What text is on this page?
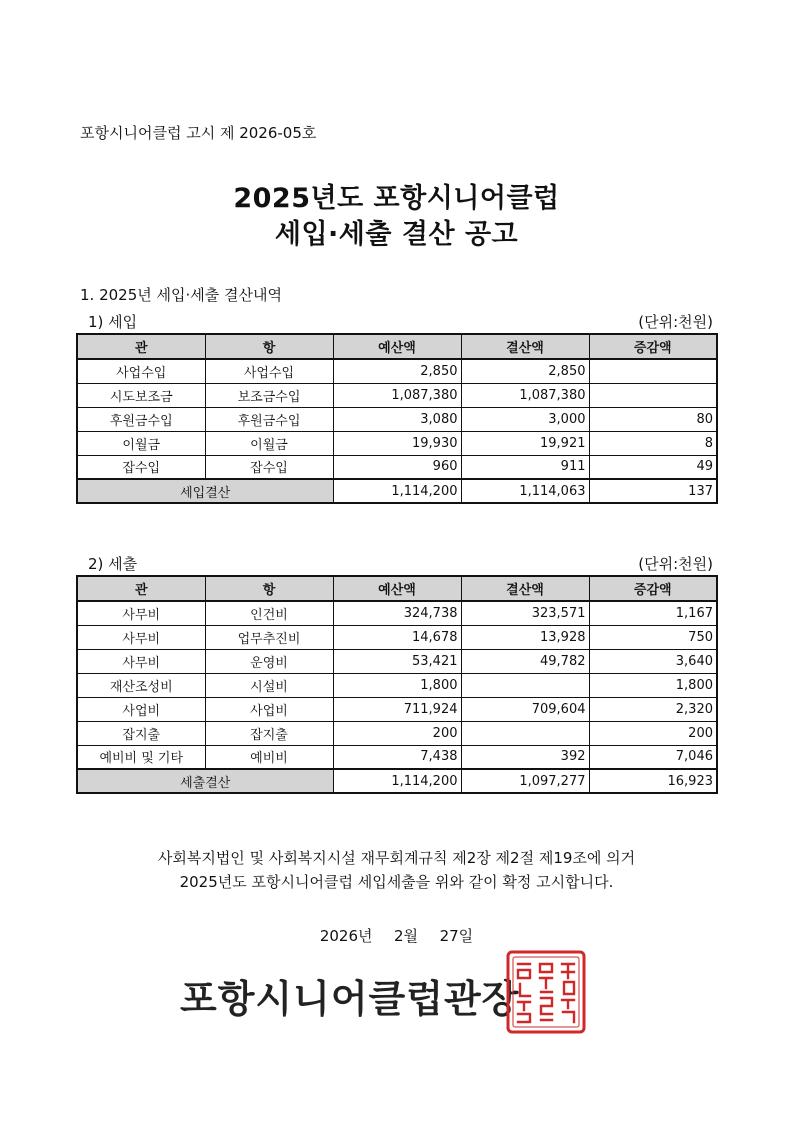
포항시니어클럽 고시 제 2026-05호
2025년도 포항시니어클럽
세입·세출 결산 공고
1. 2025년 세입·세출 결산내역
1) 세입	(단위:천원)
관	항	예산액	결산액	증감액
사업수입	사업수입	2,850	2,850	
시도보조금	보조금수입	1,087,380	1,087,380	
후원금수입	후원금수입	3,080	3,000	80
이월금	이월금	19,930	19,921	8
잡수입	잡수입	960	911	49
세입결산		1,114,200	1,114,063	137
2) 세출	(단위:천원)
관	항	예산액	결산액	증감액
사무비	인건비	324,738	323,571	1,167
사무비	업무추진비	14,678	13,928	750
사무비	운영비	53,421	49,782	3,640
재산조성비	시설비	1,800		1,800
사업비	사업비	711,924	709,604	2,320
잡지출	잡지출	200		200
예비비 및 기타	예비비	7,438	392	7,046
세출결산		1,114,200	1,097,277	16,923
사회복지법인 및 사회복지시설 재무회계규칙 제2장 제2절 제19조에 의거
2025년도 포항시니어클럽 세입세출을 위와 같이 확정 고시합니다.
2026년  2월  27일
포항시니어클럽관장
